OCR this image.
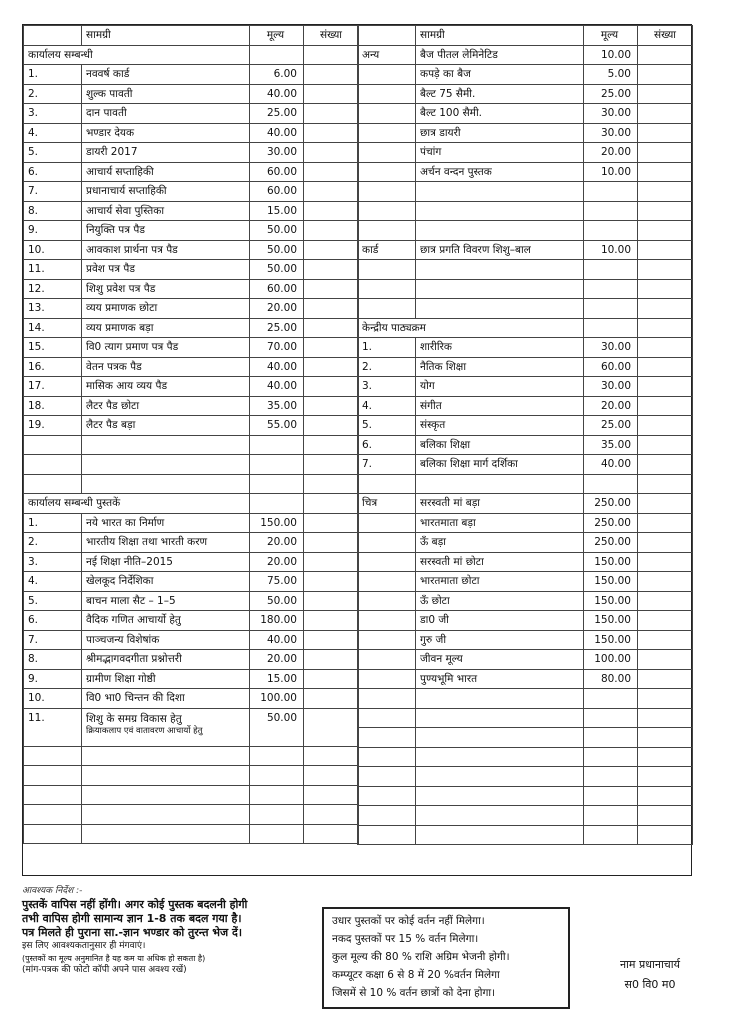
	सामग्री	मूल्य	संख्या
कार्यालय सम्बन्धी			
1.	नववर्ष कार्ड	6.00	
2.	शुल्क पावती	40.00	
3.	दान पावती	25.00	
4.	भण्डार देयक	40.00	
5.	डायरी 2017	30.00	
6.	आचार्य सप्ताहिकी	60.00	
7.	प्रधानाचार्य सप्ताहिकी	60.00	
8.	आचार्य सेवा पुस्तिका	15.00	
9.	नियुक्ति पत्र पैड	50.00	
10.	आवकाश प्रार्थना पत्र पैड	50.00	
11.	प्रवेश पत्र पैड	50.00	
12.	शिशु प्रवेश पत्र पैड	60.00	
13.	व्यय प्रमाणक छोटा	20.00	
14.	व्यय प्रमाणक बड़ा	25.00	
15.	वि0 त्याग प्रमाण पत्र पैड	70.00	
16.	वेतन पत्रक पैड	40.00	
17.	मासिक आय व्यय पैड	40.00	
18.	लैटर पैड छोटा	35.00	
19.	लैटर पैड बड़ा	55.00	

कार्यालय सम्बन्धी पुस्तकें			
1.	नये भारत का निर्माण	150.00	
2.	भारतीय शिक्षा तथा भारती करण	20.00	
3.	नई शिक्षा नीति–2015	20.00	
4.	खेलकूद निर्देशिका	75.00	
5.	बाचन माला सैट – 1–5	50.00	
6.	वैदिक गणित आचार्यो हेतु	180.00	
7.	पाञ्चजन्य विशेषांक	40.00	
8.	श्रीमद्भागवदगीता प्रश्नोत्तरी	20.00	
9.	ग्रामीण शिक्षा गोष्ठी	15.00	
10.	वि0 भा0 चिन्तन की दिशा	100.00	
11.	शिशु के समग्र विकास हेतु
क्रियाकलाप एवं वातावरण आचार्यो हेतु	50.00	

	सामग्री	मूल्य	संख्या
अन्य	बैज पीतल लेमिनेटिड	10.00	
	कपड़े का बैज	5.00	
	बैल्ट 75 सैमी.	25.00	
	बैल्ट 100 सैमी.	30.00	
	छात्र डायरी	30.00	
	पंचांग	20.00	
	अर्चन वन्दन पुस्तक	10.00	

कार्ड	छात्र प्रगति विवरण शिशु–बाल	10.00	

केन्द्रीय पाठ्यक्रम			
1.	शारीरिक	30.00	
2.	नैतिक शिक्षा	60.00	
3.	योग	30.00	
4.	संगीत	20.00	
5.	संस्कृत	25.00	
6.	बलिका शिक्षा	35.00	
7.	बलिका शिक्षा मार्ग दर्शिका	40.00	

चित्र	सरस्वती मां बड़ा	250.00	
	भारतमाता बड़ा	250.00	
	ऊँ बड़ा	250.00	
	सरस्वती मां छोटा	150.00	
	भारतमाता छोटा	150.00	
	ऊँ छोटा	150.00	
	डा0 जी	150.00	
	गुरु जी	150.00	
	जीवन मूल्य	100.00	
	पुण्यभूमि भारत	80.00	

आवश्यक निर्देश :-
पुस्तकें वापिस नहीं होंगी। अगर कोई पुस्तक बदलनी होगी
तभी वापिस होगी सामान्य ज्ञान 1-8 तक बदल गया है।
पत्र मिलते ही पुराना सा.-ज्ञान भण्डार को तुरन्त भेज दें।
इस लिए आवश्यकतानुसार ही मंगवाएं।
(पुस्तकों का मूल्य अनुमानित है यह कम या अधिक हो सकता है)
(मांग-पत्रक की फोटो कॉपी अपने पास अवश्य रखें)
उधार पुस्तकों पर कोई वर्तन नहीं मिलेगा।
नकद पुस्तकों पर 15 % वर्तन मिलेगा।
कुल मूल्य की 80 % राशि अग्रिम भेजनी होगी।
कम्प्यूटर कक्षा 6 से 8 में 20 %वर्तन मिलेगा
जिसमें से 10 % वर्तन छात्रों को देना होगा।
नाम प्रधानाचार्य
स0 वि0 म0
